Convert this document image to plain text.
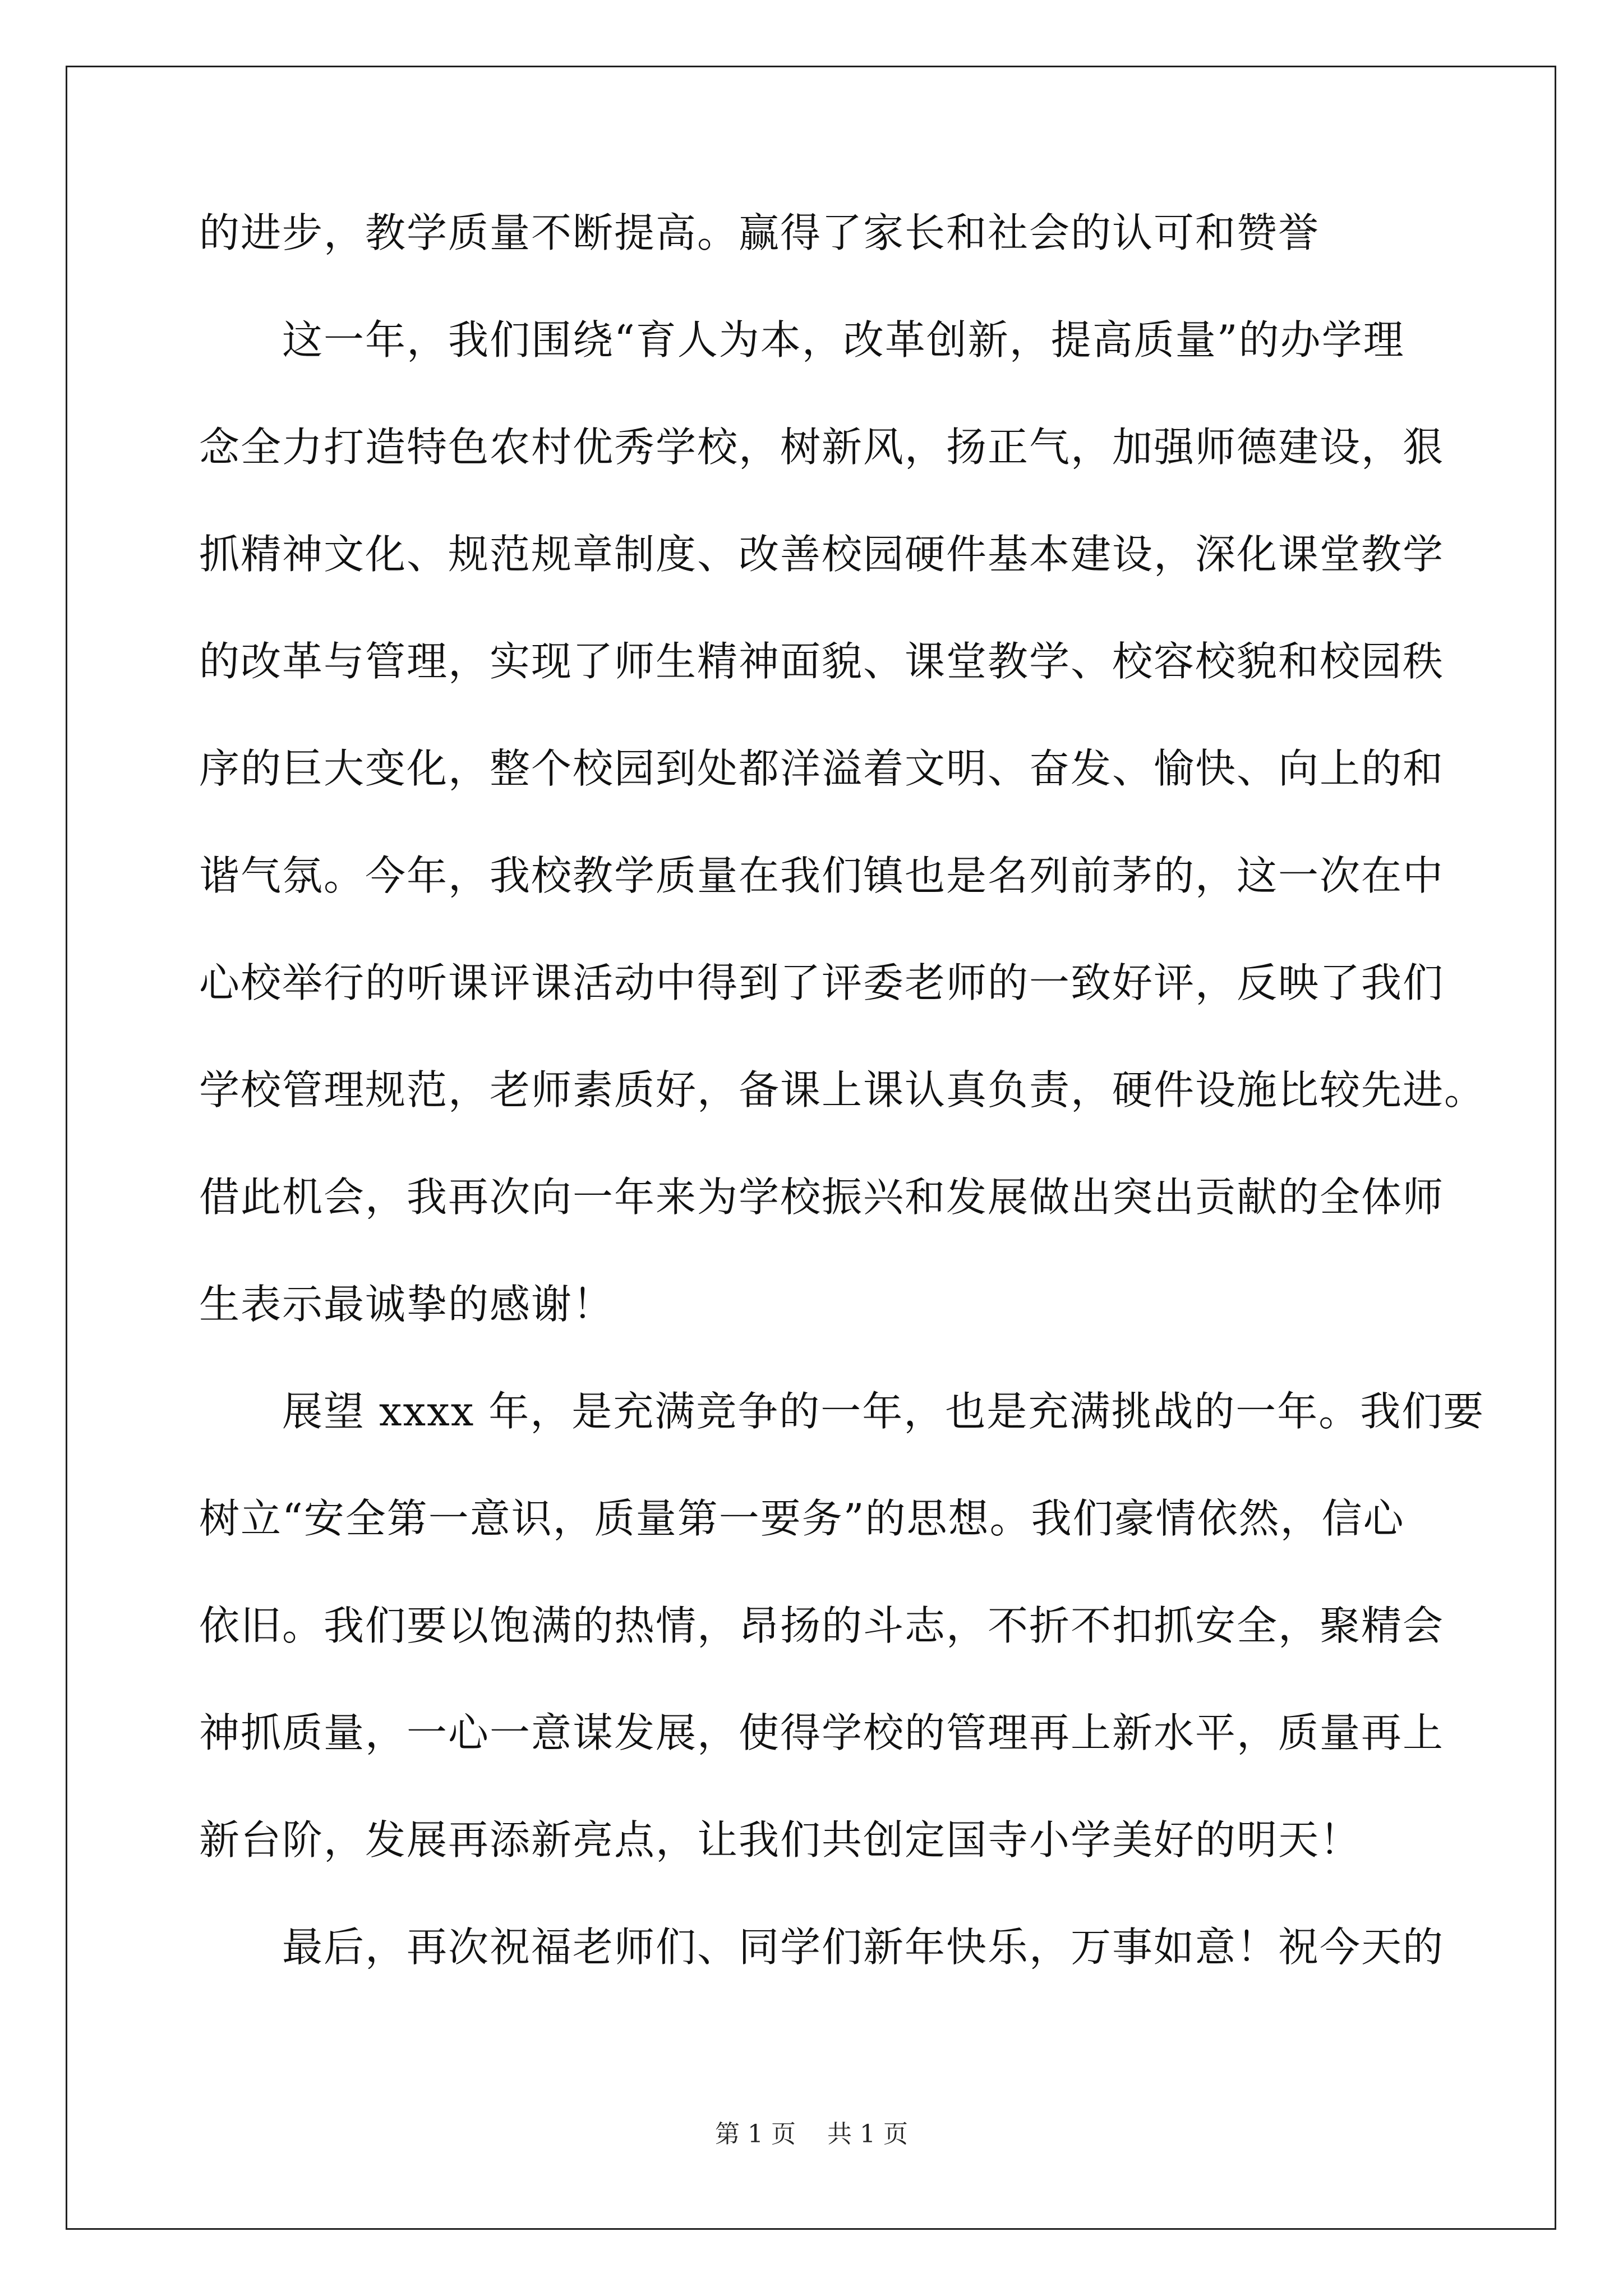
的进步，教学质量不断提高。赢得了家长和社会的认可和赞誉
这一年，我们围绕“育人为本，改革创新，提高质量”的办学理
念全力打造特色农村优秀学校，树新风，扬正气，加强师德建设，狠
抓精神文化、规范规章制度、改善校园硬件基本建设，深化课堂教学
的改革与管理，实现了师生精神面貌、课堂教学、校容校貌和校园秩
序的巨大变化，整个校园到处都洋溢着文明、奋发、愉快、向上的和
谐气氛。今年，我校教学质量在我们镇也是名列前茅的，这一次在中
心校举行的听课评课活动中得到了评委老师的一致好评，反映了我们
学校管理规范，老师素质好，备课上课认真负责，硬件设施比较先进。
借此机会，我再次向一年来为学校振兴和发展做出突出贡献的全体师
生表示最诚挚的感谢！
展望 xxxx 年，是充满竞争的一年，也是充满挑战的一年。我们要
树立“安全第一意识，质量第一要务”的思想。我们豪情依然，信心
依旧。我们要以饱满的热情，昂扬的斗志，不折不扣抓安全，聚精会
神抓质量，一心一意谋发展，使得学校的管理再上新水平，质量再上
新台阶，发展再添新亮点，让我们共创定国寺小学美好的明天！
最后，再次祝福老师们、同学们新年快乐，万事如意！祝今天的
第 1 页 共 1 页
